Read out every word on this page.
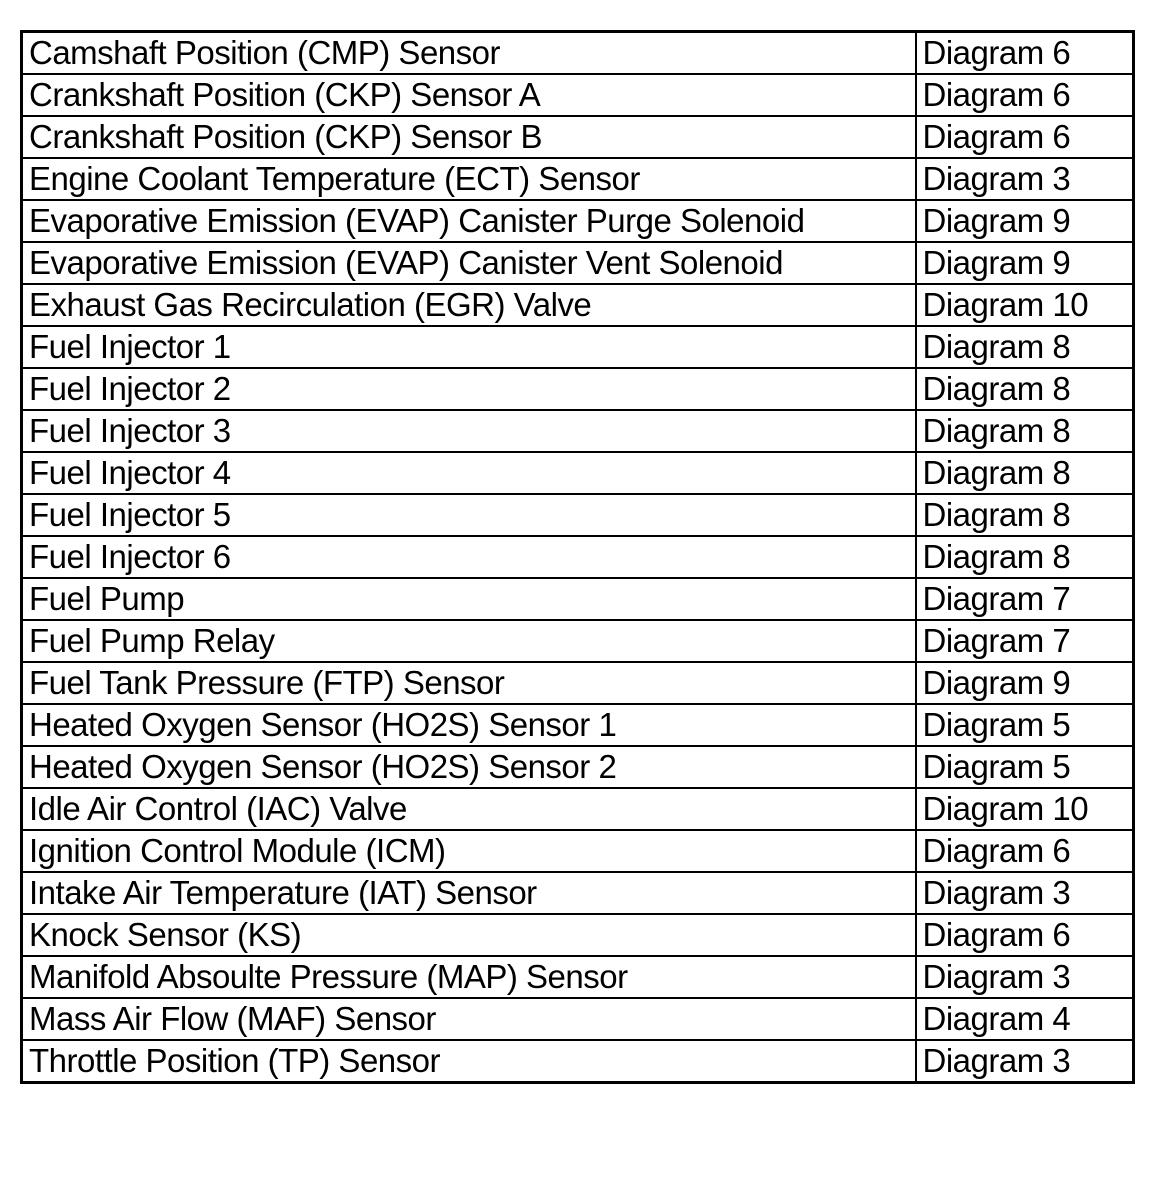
Camshaft Position (CMP) Sensor	Diagram 6
Crankshaft Position (CKP) Sensor A	Diagram 6
Crankshaft Position (CKP) Sensor B	Diagram 6
Engine Coolant Temperature (ECT) Sensor	Diagram 3
Evaporative Emission (EVAP) Canister Purge Solenoid	Diagram 9
Evaporative Emission (EVAP) Canister Vent Solenoid	Diagram 9
Exhaust Gas Recirculation (EGR) Valve	Diagram 10
Fuel Injector 1	Diagram 8
Fuel Injector 2	Diagram 8
Fuel Injector 3	Diagram 8
Fuel Injector 4	Diagram 8
Fuel Injector 5	Diagram 8
Fuel Injector 6	Diagram 8
Fuel Pump	Diagram 7
Fuel Pump Relay	Diagram 7
Fuel Tank Pressure (FTP) Sensor	Diagram 9
Heated Oxygen Sensor (HO2S) Sensor 1	Diagram 5
Heated Oxygen Sensor (HO2S) Sensor 2	Diagram 5
Idle Air Control (IAC) Valve	Diagram 10
Ignition Control Module (ICM)	Diagram 6
Intake Air Temperature (IAT) Sensor	Diagram 3
Knock Sensor (KS)	Diagram 6
Manifold Absoulte Pressure (MAP) Sensor	Diagram 3
Mass Air Flow (MAF) Sensor	Diagram 4
Throttle Position (TP) Sensor	Diagram 3
